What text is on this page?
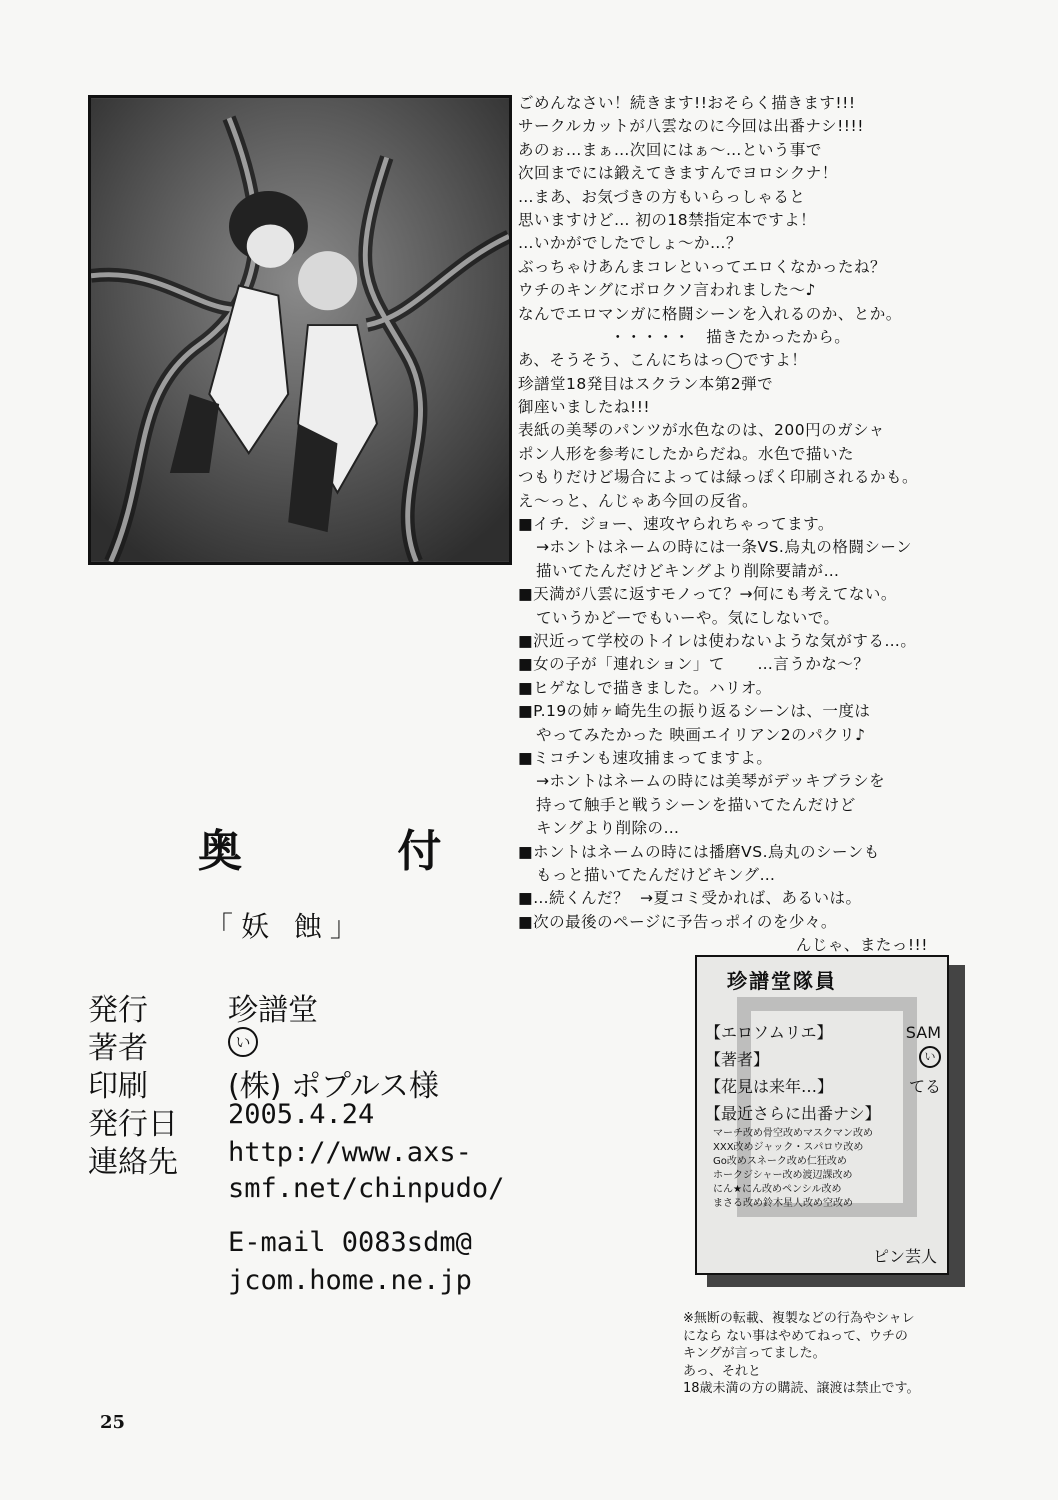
ごめんなさい！続きます!!おそらく描きます!!!
サークルカットが八雲なのに今回は出番ナシ!!!!
あのぉ…まぁ…次回にはぁ〜…という事で
次回までには鍛えてきますんでヨロシクナ！
…まあ、お気づきの方もいらっしゃると
思いますけど… 初の18禁指定本ですよ！
…いかがでしたでしょ〜か…？
ぶっちゃけあんまコレといってエロくなかったね？
ウチのキングにボロクソ言われました〜♪
なんでエロマンガに格闘シーンを入れるのか、とか。
・・・・・   描きたかったから。
あ、そうそう、こんにちはっ◯ですよ！
珍譜堂18発目はスクラン本第2弾で
御座いましたね!!!
表紙の美琴のパンツが水色なのは、200円のガシャ
ポン人形を参考にしたからだね。水色で描いた
つもりだけど場合によっては緑っぽく印刷されるかも。
え〜っと、んじゃあ今回の反省。
■イチ．ジョー、速攻ヤられちゃってます。
→ホントはネームの時には一条VS.烏丸の格闘シーン
描いてたんだけどキングより削除要請が…
■天満が八雲に返すモノって？→何にも考えてない。
ていうかどーでもいーや。気にしないで。
■沢近って学校のトイレは使わないような気がする…。
■女の子が「連れション」て      …言うかな〜？
■ヒゲなしで描きました。ハリオ。
■P.19の姉ヶ崎先生の振り返るシーンは、一度は
やってみたかった 映画エイリアン2のパクリ♪
■ミコチンも速攻捕まってますよ。
→ホントはネームの時には美琴がデッキブラシを
持って触手と戦うシーンを描いてたんだけど
キングより削除の…
■ホントはネームの時には播磨VS.烏丸のシーンも
もっと描いてたんだけどキング…
■…続くんだ？  →夏コミ受かれば、あるいは。
■次の最後のページに予告っポイのを少々。
んじゃ、またっ!!!
奥 付
「妖 蝕」
発行	珍譜堂
著者	い
印刷	(株) ポプルス様
発行日	2005.4.24
連絡先	http://www.axs-
smf.net/chinpudo/
E-mail 0083sdm@
jcom.home.ne.jp
珍譜堂隊員
【エロソムリエ】	SAM
【著者】	い
【花見は来年…】	てる
【最近さらに出番ナシ】
マーチ改め骨空改めマスクマン改め
XXX改めジャック・スパロウ改め
Go改めスネーク改め仁狂改め
ホークジシャー改め渡辺課改め
にん★にん改めペンシル改め
まさる改め鈴木星人改め空改め
ピン芸人
※無断の転載、複製などの行為やシャレ
になら ない事はやめてねって、ウチの
キングが言ってました。
あっ、それと
18歳未満の方の購読、譲渡は禁止です。
25
